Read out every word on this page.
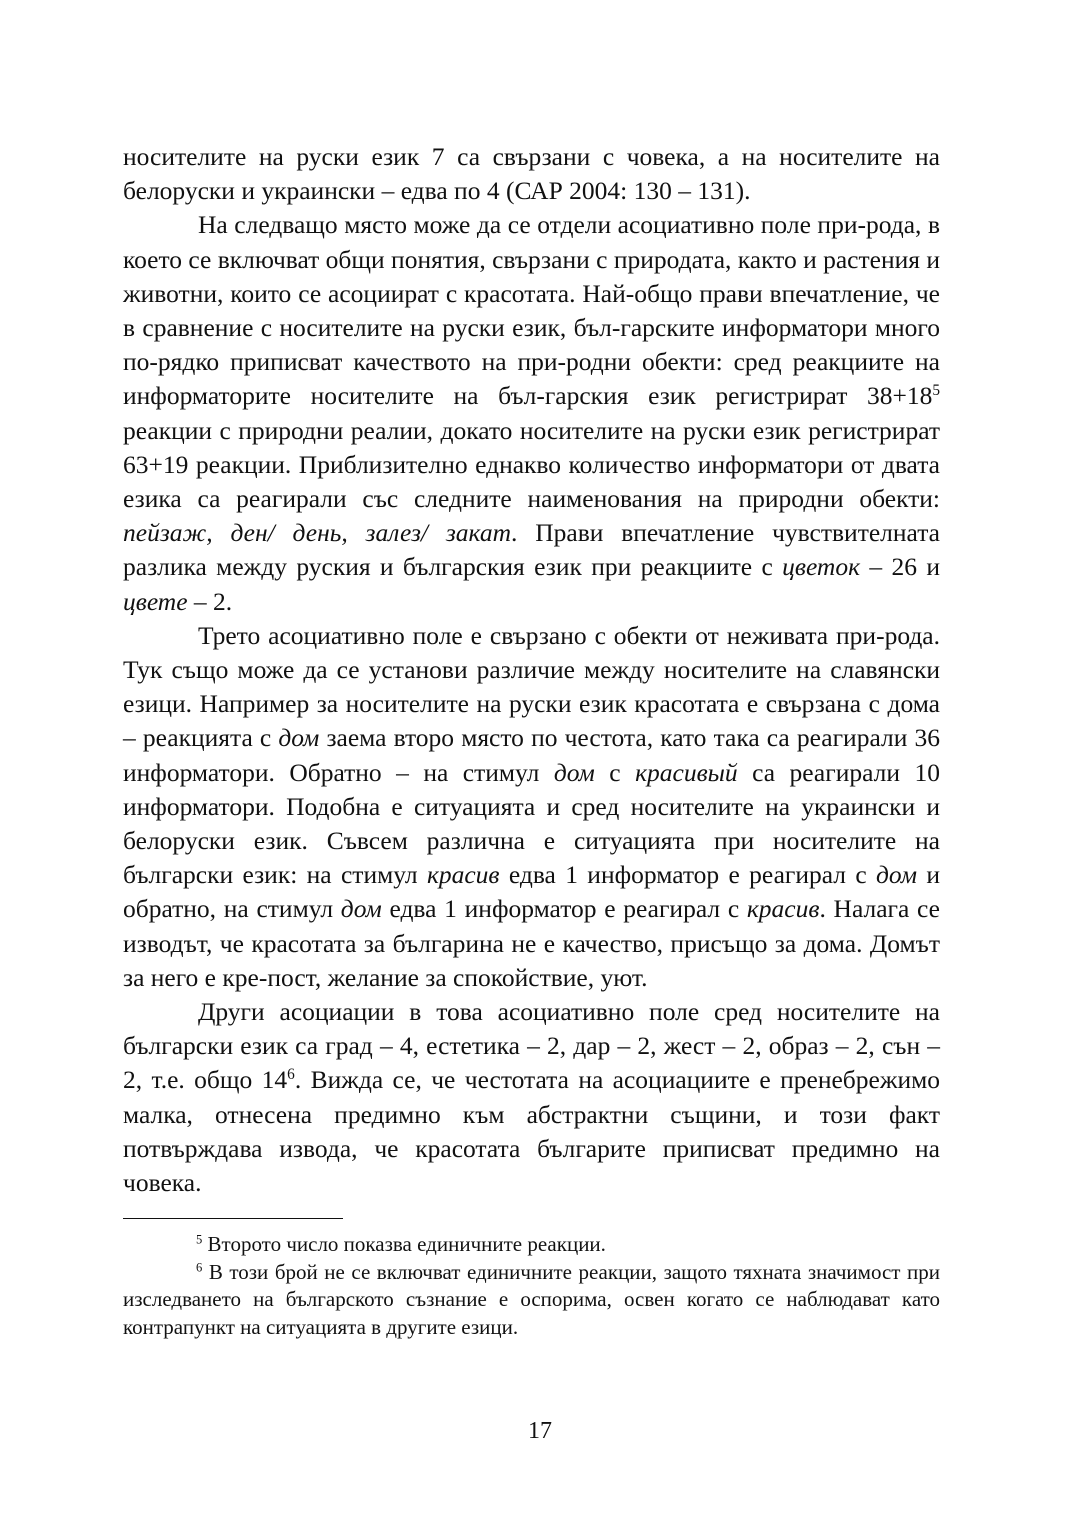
носителите на руски език 7 са свързани с човека, а на носителите на белоруски и украински – едва по 4 (САР 2004: 130 – 131).

На следващо място може да се отдели асоциативно поле при-рода, в което се включват общи понятия, свързани с природата, както и растения и животни, които се асоциират с красотата. Най-общо прави впечатление, че в сравнение с носителите на руски език, бъл-гарските информатори много по-рядко приписват качеството на при-родни обекти: сред реакциите на информаторите носителите на бъл-гарския език регистрират $38+18^5$ реакции с природни реалии, докато носителите на руски език регистрират 63+19 реакции. Приблизително еднакво количество информатори от двата езика са реагирали със следните наименования на природни обекти: пейзаж, ден/ день, залез/ закат. Прави впечатление чувствителната разлика между руския и българския език при реакциите с цветок – 26 и цвете – 2.

Трето асоциативно поле е свързано с обекти от неживата при-рода. Тук също може да се установи различие между носителите на славянски езици. Например за носителите на руски език красотата е свързана с дома – реакцията с дом заема второ място по честота, като така са реагирали 36 информатори. Обратно – на стимул дом с красивый са реагирали 10 информатори. Подобна е ситуацията и сред носителите на украински и белоруски език. Съвсем различна е ситуацията при носителите на български език: на стимул красив едва 1 информатор е реагирал с дом и обратно, на стимул дом едва 1 информатор е реагирал с красив. Налага се изводът, че красотата за българина не е качество, присъщо за дома. Домът за него е кре-пост, желание за спокойствие, уют.

Други асоциации в това асоциативно поле сред носителите на български език са град – 4, естетика – 2, дар – 2, жест – 2, образ – 2, сън – 2, т.е. общо $14^6$. Вижда се, че честотата на асоциациите е пренебрежимо малка, отнесена предимно към абстрактни същини, и този факт потвърждава извода, че красотата българите приписват предимно на човека.

$^5$ Второто число показва единичните реакции.

$^6$ В този брой не се включват единичните реакции, защото тяхната значимост при изследването на българското съзнание е оспорима, освен когато се наблюдават като контрапункт на ситуацията в другите езици.

17
